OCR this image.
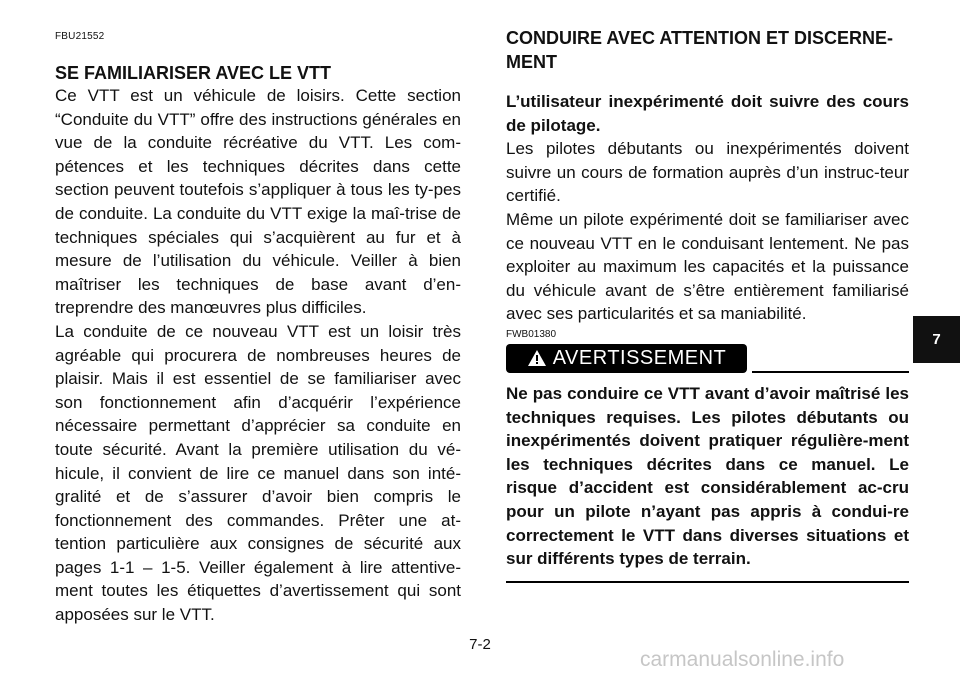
FBU21552
SE FAMILIARISER AVEC LE VTT

Ce VTT est un véhicule de loisirs. Cette section “Conduite du VTT” offre des instructions générales en vue de la conduite récréative du VTT. Les com-pétences et les techniques décrites dans cette section peuvent toutefois s’appliquer à tous les ty-pes de conduite. La conduite du VTT exige la maî-trise de techniques spéciales qui s’acquièrent au fur et à mesure de l’utilisation du véhicule. Veiller à bien maîtriser les techniques de base avant d’en-treprendre des manœuvres plus difficiles.

La conduite de ce nouveau VTT est un loisir très agréable qui procurera de nombreuses heures de plaisir. Mais il est essentiel de se familiariser avec son fonctionnement afin d’acquérir l’expérience nécessaire permettant d’apprécier sa conduite en toute sécurité. Avant la première utilisation du vé-hicule, il convient de lire ce manuel dans son inté-gralité et de s’assurer d’avoir bien compris le fonctionnement des commandes. Prêter une at-tention particulière aux consignes de sécurité aux pages 1-1 – 1-5. Veiller également à lire attentive-ment toutes les étiquettes d’avertissement qui sont apposées sur le VTT.

CONDUIRE AVEC ATTENTION ET DISCERNE-MENT

L’utilisateur inexpérimenté doit suivre des cours de pilotage.

Les pilotes débutants ou inexpérimentés doivent suivre un cours de formation auprès d’un instruc-teur certifié.

Même un pilote expérimenté doit se familiariser avec ce nouveau VTT en le conduisant lentement. Ne pas exploiter au maximum les capacités et la puissance du véhicule avant de s’être entièrement familiarisé avec ses particularités et sa maniabilité.

FWB01380
AVERTISSEMENT

Ne pas conduire ce VTT avant d’avoir maîtrisé les techniques requises. Les pilotes débutants ou inexpérimentés doivent pratiquer régulière-ment les techniques décrites dans ce manuel. Le risque d’accident est considérablement ac-cru pour un pilote n’ayant pas appris à condui-re correctement le VTT dans diverses situations et sur différents types de terrain.

7
7-2
carmanualsonline.info
